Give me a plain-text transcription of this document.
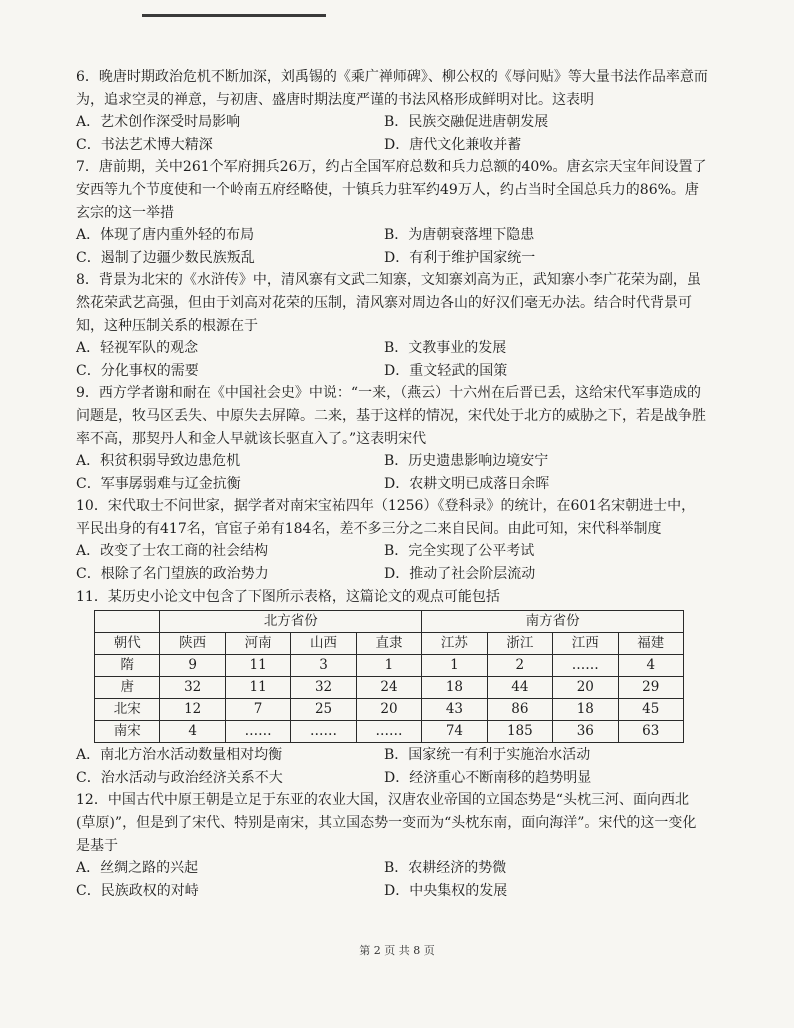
6．晚唐时期政治危机不断加深，刘禹锡的《乘广禅师碑》、柳公权的《辱问贴》等大量书法作品率意而为，追求空灵的禅意，与初唐、盛唐时期法度严谨的书法风格形成鲜明对比。这表明

A．艺术创作深受时局影响	B．民族交融促进唐朝发展
C．书法艺术博大精深	D．唐代文化兼收并蓄

7．唐前期，关中261个军府拥兵26万，约占全国军府总数和兵力总额的40%。唐玄宗天宝年间设置了安西等九个节度使和一个岭南五府经略使，十镇兵力驻军约49万人，约占当时全国总兵力的86%。唐玄宗的这一举措

A．体现了唐内重外轻的布局	B．为唐朝衰落埋下隐患
C．遏制了边疆少数民族叛乱	D．有利于维护国家统一

8．背景为北宋的《水浒传》中，清风寨有文武二知寨，文知寨刘高为正，武知寨小李广花荣为副，虽然花荣武艺高强，但由于刘高对花荣的压制，清风寨对周边各山的好汉们毫无办法。结合时代背景可知，这种压制关系的根源在于

A．轻视军队的观念	B．文教事业的发展
C．分化事权的需要	D．重文轻武的国策

9．西方学者谢和耐在《中国社会史》中说：“一来，（燕云）十六州在后晋已丢，这给宋代军事造成的问题是，牧马区丢失、中原失去屏障。二来，基于这样的情况，宋代处于北方的威胁之下，若是战争胜率不高，那契丹人和金人早就该长驱直入了。”这表明宋代

A．积贫积弱导致边患危机	B．历史遗患影响边境安宁
C．军事孱弱难与辽金抗衡	D．农耕文明已成落日余晖

10．宋代取士不问世家，据学者对南宋宝祐四年（1256）《登科录》的统计，在601名宋朝进士中，平民出身的有417名，官宦子弟有184名，差不多三分之二来自民间。由此可知，宋代科举制度

A．改变了士农工商的社会结构	B．完全实现了公平考试
C．根除了名门望族的政治势力	D．推动了社会阶层流动

11．某历史小论文中包含了下图所示表格，这篇论文的观点可能包括

	北方省份				南方省份			
朝代	陕西	河南	山西	直隶	江苏	浙江	江西	福建
隋	9	11	3	1	1	2	……	4
唐	32	11	32	24	18	44	20	29
北宋	12	7	25	20	43	86	18	45
南宋	4	……	……	……	74	185	36	63
A．南北方治水活动数量相对均衡	B．国家统一有利于实施治水活动
C．治水活动与政治经济关系不大	D．经济重心不断南移的趋势明显

12．中国古代中原王朝是立足于东亚的农业大国，汉唐农业帝国的立国态势是“头枕三河、面向西北(草原)”，但是到了宋代、特别是南宋，其立国态势一变而为“头枕东南，面向海洋”。宋代的这一变化是基于

A．丝绸之路的兴起	B．农耕经济的势微
C．民族政权的对峙	D．中央集权的发展
第 2 页 共 8 页
